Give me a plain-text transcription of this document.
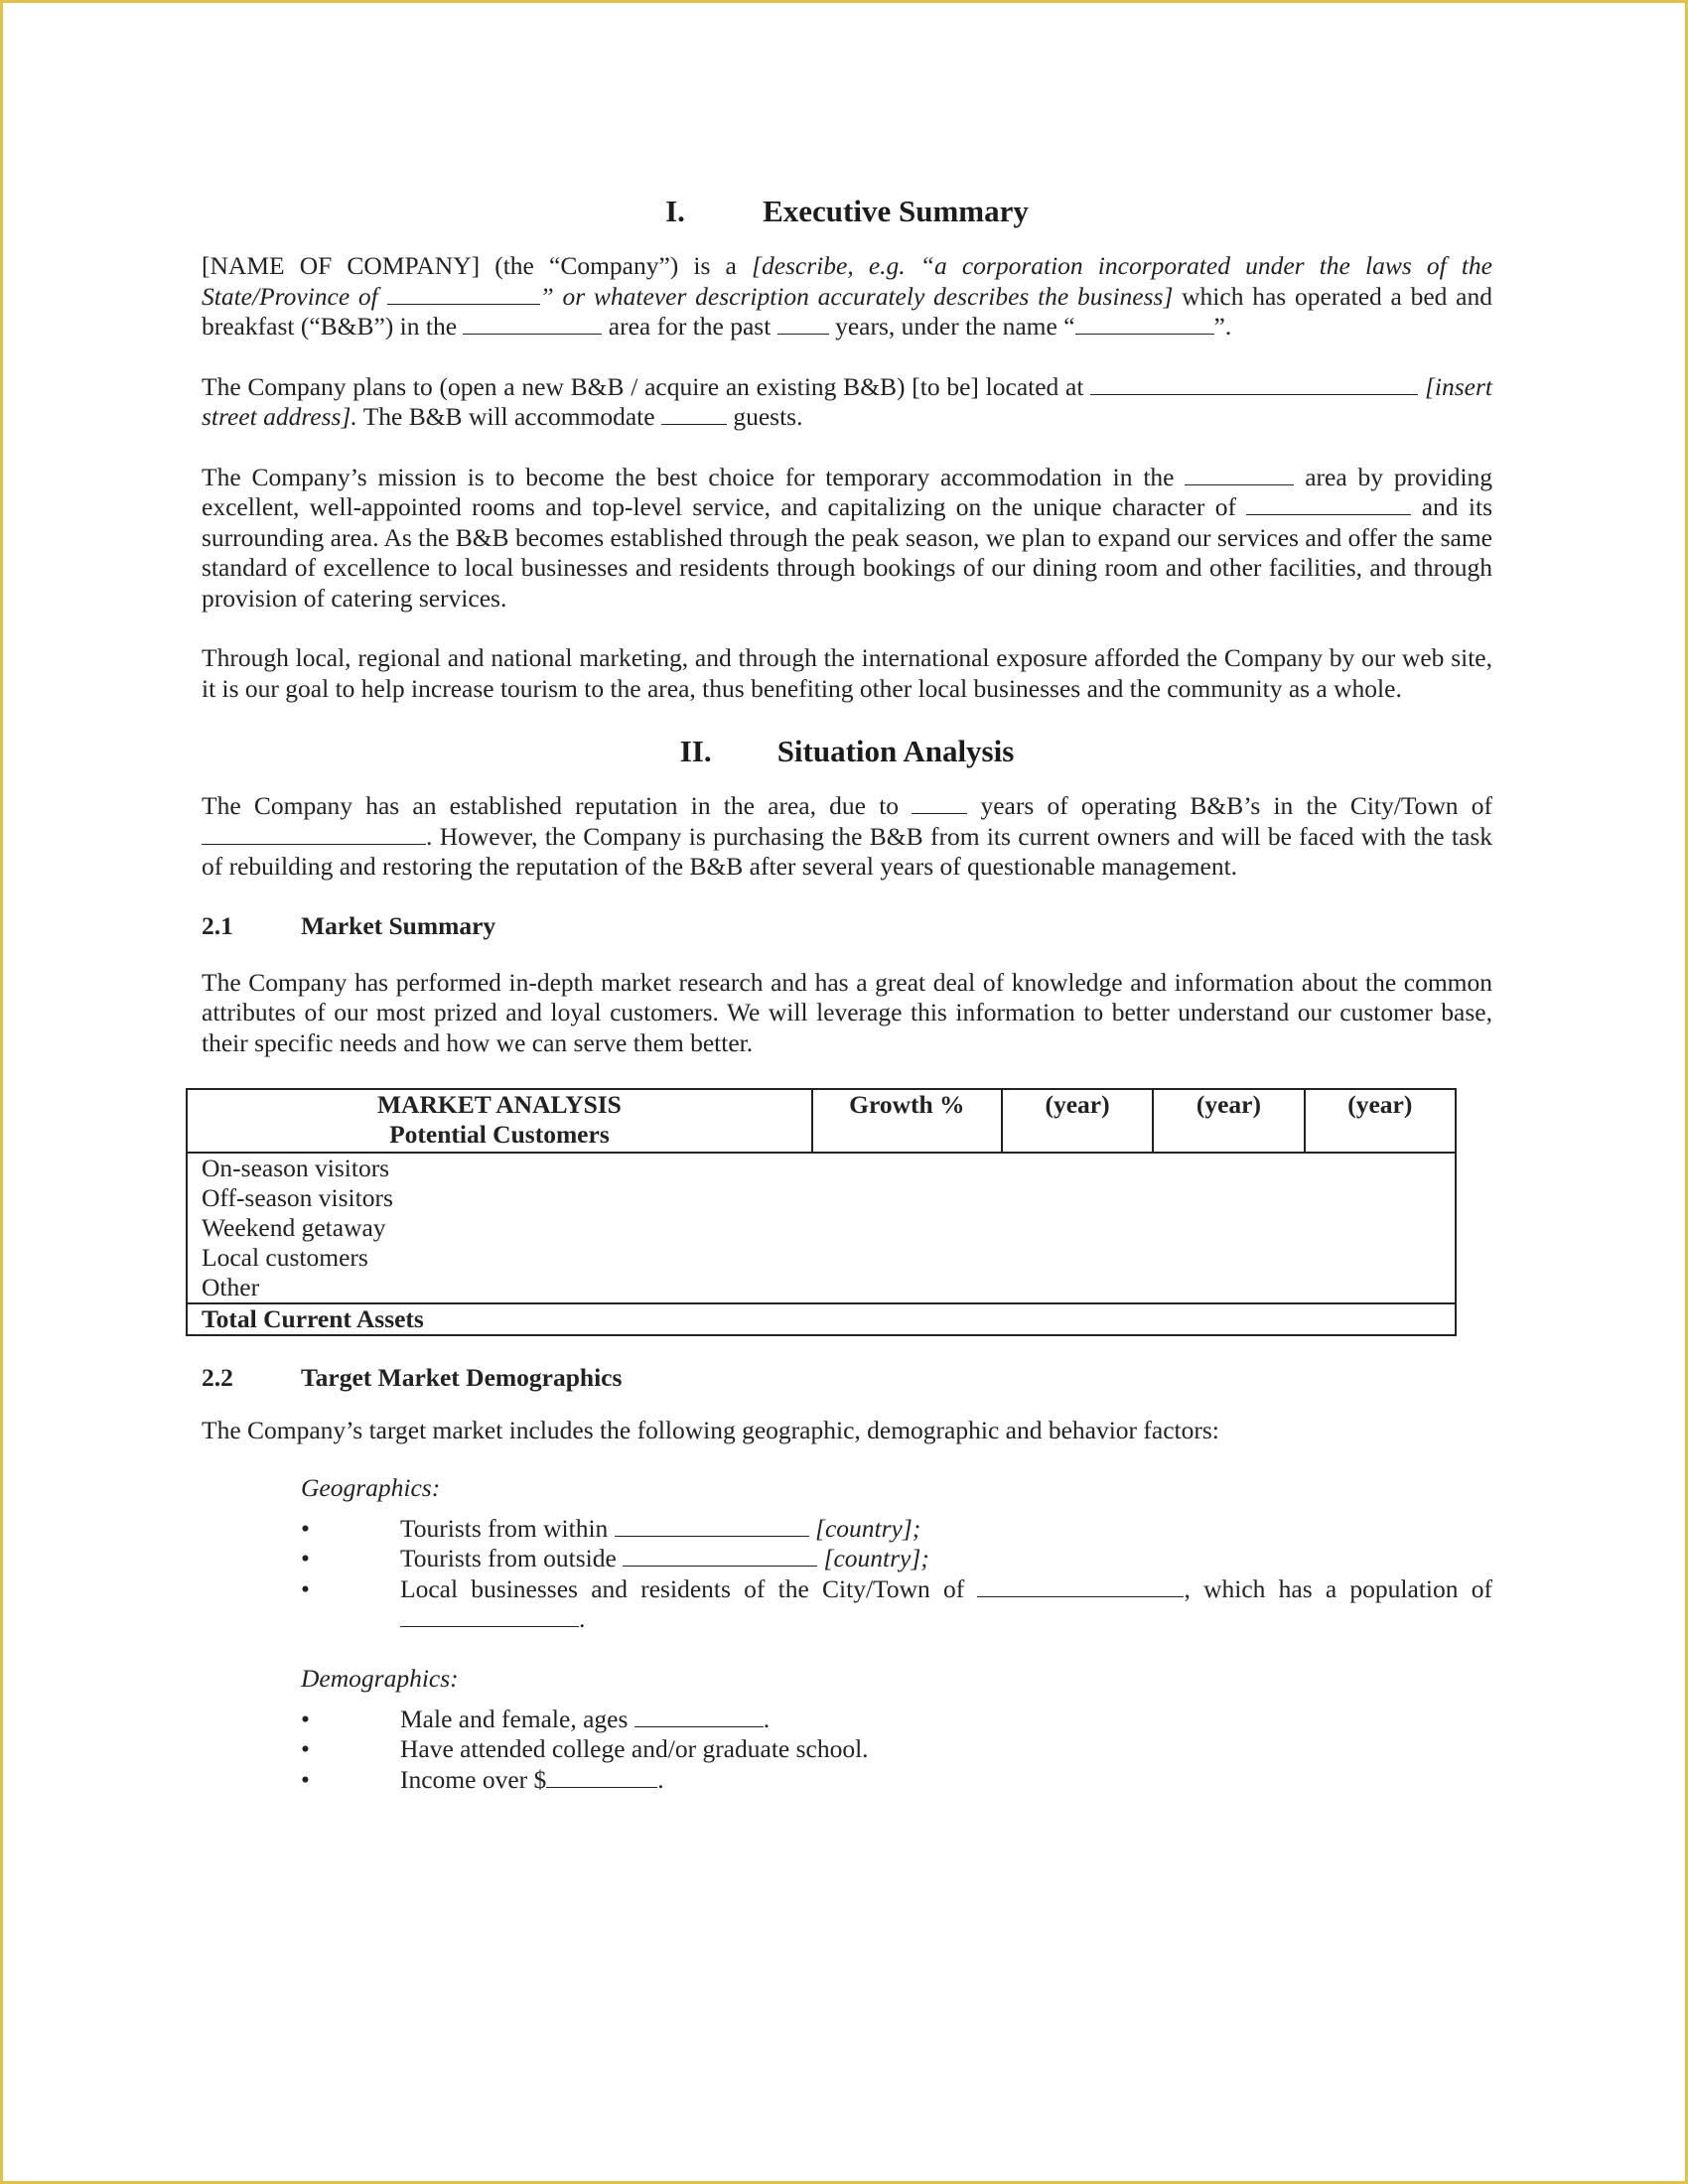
I.	Executive Summary

[NAME OF COMPANY] (the “Company”) is a [describe, e.g. “a corporation incorporated under the laws of the State/Province of	” or whatever description accurately describes the business] which has operated a bed and breakfast (“B&B”) in the	area for the past	years, under the name “	”.

The Company plans to (open a new B&B / acquire an existing B&B) [to be] located at	[insert street address]. The B&B will accommodate	guests.

The Company’s mission is to become the best choice for temporary accommodation in the	area by providing excellent, well-appointed rooms and top-level service, and capitalizing on the unique character of	and its surrounding area. As the B&B becomes established through the peak season, we plan to expand our services and offer the same standard of excellence to local businesses and residents through bookings of our dining room and other facilities, and through provision of catering services.

Through local, regional and national marketing, and through the international exposure afforded the Company by our web site, it is our goal to help increase tourism to the area, thus benefiting other local businesses and the community as a whole.

II. Situation Analysis

The Company has an established reputation in the area, due to	years of operating B&B’s in the City/Town of . However, the Company is purchasing the B&B from its current owners and will be faced with the task of rebuilding and restoring the reputation of the B&B after several years of questionable management.

2.1	Market Summary

The Company has performed in-depth market research and has a great deal of knowledge and information about the common attributes of our most prized and loyal customers. We will leverage this information to better understand our customer base, their specific needs and how we can serve them better.

MARKET ANALYSIS
Potential Customers	Growth %	(year)	(year)	(year)
On-season visitors				
Off-season visitors				
Weekend getaway				
Local customers				
Other				
Total Current Assets				
2.2	Target Market Demographics

The Company’s target market includes the following geographic, demographic and behavior factors:

Geographics:
•	Tourists from within	[country];
•	Tourists from outside	[country];
•	Local businesses and residents of the City/Town of	, which has a population of .
Demographics:
•	Male and female, ages	.
•	Have attended college and/or graduate school.
•	Income over $	.
